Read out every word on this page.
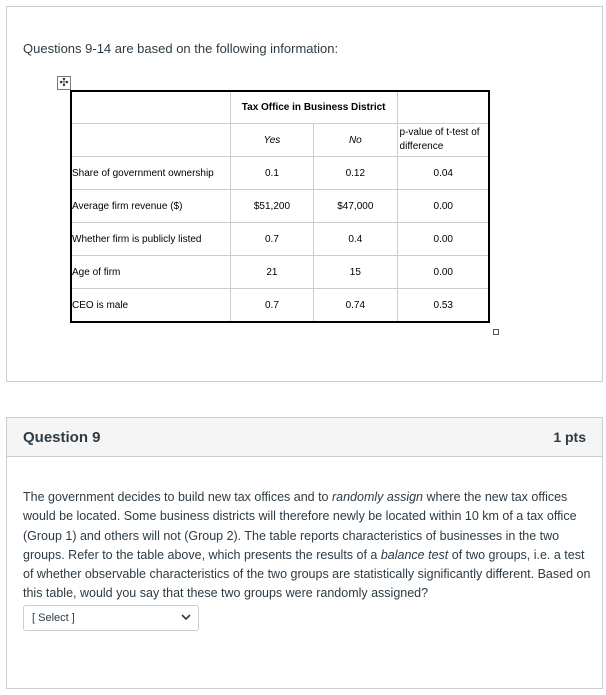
Questions 9-14 are based on the following information:
✣
	Tax Office in Business District		
	Yes	No	p-value of t-test of difference
Share of government ownership	0.1	0.12	0.04
Average firm revenue ($)	$51,200	$47,000	0.00
Whether firm is publicly listed	0.7	0.4	0.00
Age of firm	21	15	0.00
CEO is male	0.7	0.74	0.53
Question 9	1 pts
The government decides to build new tax offices and to randomly assign where the new tax offices would be located. Some business districts will therefore newly be located within 10 km of a tax office (Group 1) and others will not (Group 2). The table reports characteristics of businesses in the two groups. Refer to the table above, which presents the results of a balance test of two groups, i.e. a test of whether observable characteristics of the two groups are statistically significantly different. Based on this table, would you say that these two groups were randomly assigned?
[ Select ]
